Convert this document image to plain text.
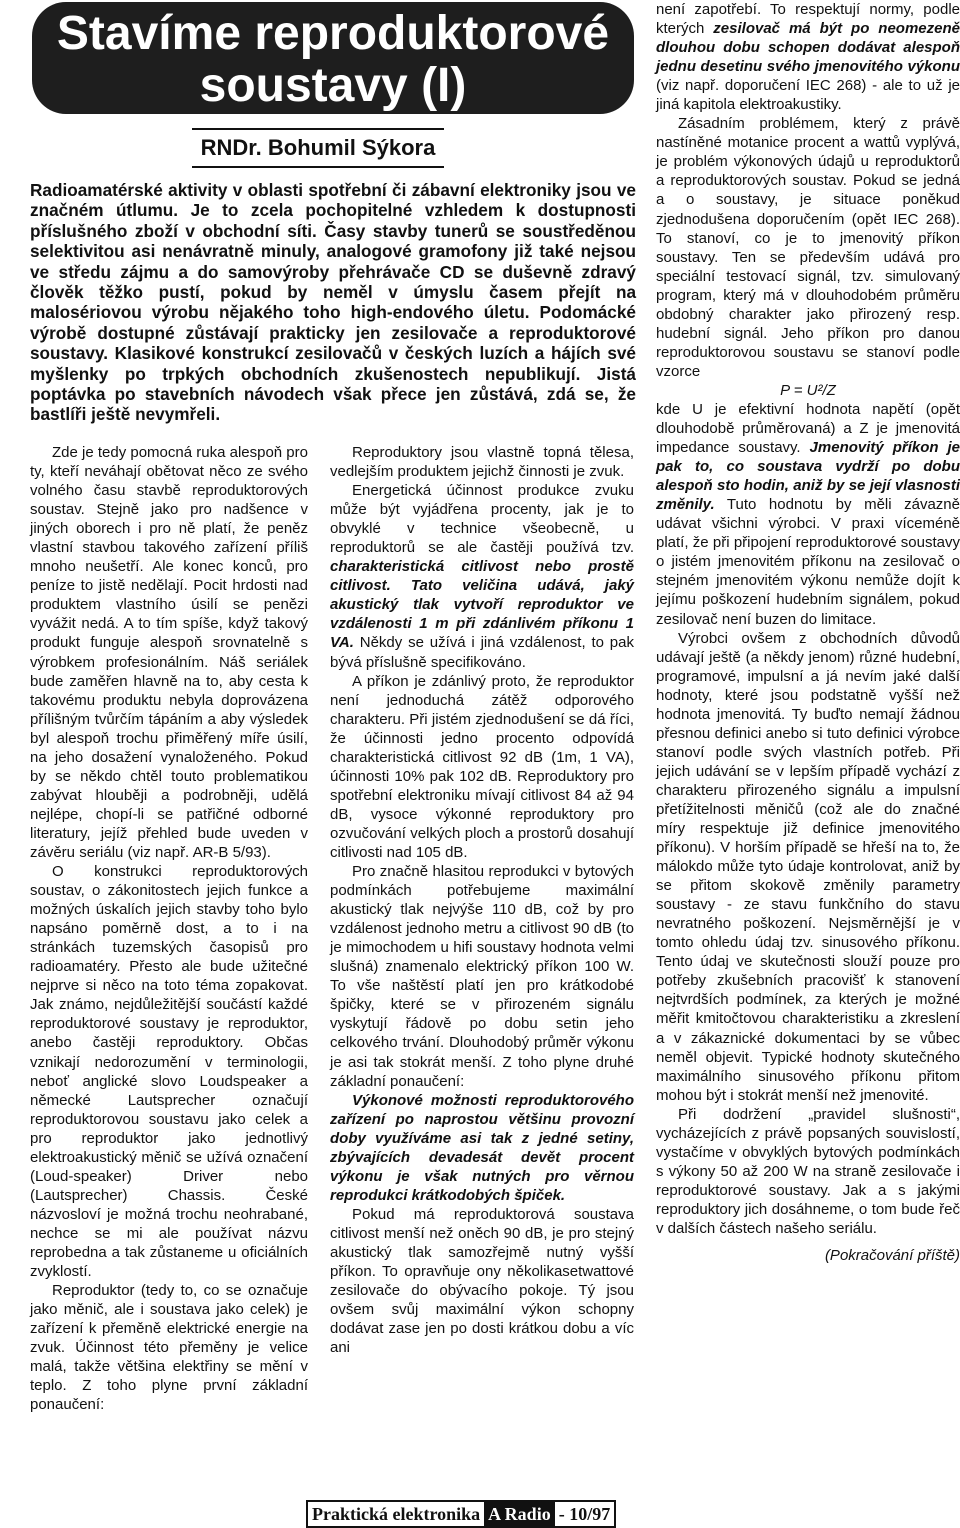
Stavíme reproduktorové
soustavy (I)
RNDr. Bohumil Sýkora
Radioamatérské aktivity v oblasti spotřební či zábavní elektroniky jsou ve značném útlumu. Je to zcela pochopitelné vzhledem k dostupnosti příslušného zboží v obchodní síti. Časy stavby tunerů se soustředěnou selektivitou asi nenávratně minuly, analogové gramofony již také nejsou ve středu zájmu a do samovýroby přehrávače CD se duševně zdravý člověk těžko pustí, pokud by neměl v úmyslu časem přejít na malosériovou výrobu nějakého toho high-endového úletu. Podomácké výrobě dostupné zůstávají prakticky jen zesilovače a reproduktorové soustavy. Klasikové konstrukcí zesilovačů v českých luzích a hájích své myšlenky po trpkých obchodních zkušenostech nepublikují. Jistá poptávka po stavebních návodech však přece jen zůstává, zdá se, že bastlíři ještě nevymřeli.

Zde je tedy pomocná ruka alespoň pro ty, kteří neváhají obětovat něco ze svého volného času stavbě reproduktorových soustav. Stejně jako pro nadšence v jiných oborech i pro ně platí, že peněz vlastní stavbou takového zařízení příliš mnoho neušetří. Ale konec konců, pro peníze to jistě nedělají. Pocit hrdosti nad produktem vlastního úsilí se penězi vyvážit nedá. A to tím spíše, když takový produkt funguje alespoň srovnatelně s výrobkem profesionálním. Náš seriálek bude zaměřen hlavně na to, aby cesta k takovému produktu nebyla doprovázena přílišným tvůrčím tápáním a aby výsledek byl alespoň trochu přiměřený míře úsilí, na jeho dosažení vynaloženého. Pokud by se někdo chtěl touto problematikou zabývat hlouběji a podrobněji, udělá nejlépe, chopí-li se patřičné odborné literatury, jejíž přehled bude uveden v závěru seriálu (viz např. AR-B 5/93).

O konstrukci reproduktorových soustav, o zákonitostech jejich funkce a možných úskalích jejich stavby toho bylo napsáno poměrně dost, a to i na stránkách tuzemských časopisů pro radioamatéry. Přesto ale bude užitečné nejprve si něco na toto téma zopakovat. Jak známo, nejdůležitější součástí každé reproduktorové soustavy je reproduktor, anebo častěji reproduktory. Občas vznikají nedorozumění v terminologii, neboť anglické slovo Loudspeaker a německé Lautsprecher označují reproduktorovou soustavu jako celek a pro reproduktor jako jednotlivý elektroakustický měnič se užívá označení (Loud-speaker) Driver nebo (Lautsprecher) Chassis. České názvosloví je možná trochu neohrabané, nechce se mi ale používat názvu reprobedna a tak zůstaneme u oficiálních zvyklostí.

Reproduktor (tedy to, co se označuje jako měnič, ale i soustava jako celek) je zařízení k přeměně elektrické energie na zvuk. Účinnost této přeměny je velice malá, takže většina elektřiny se mění v teplo. Z toho plyne první základní ponaučení:

Reproduktory jsou vlastně topná tělesa, vedlejším produktem jejichž činnosti je zvuk.

Energetická účinnost produkce zvuku může být vyjádřena procenty, jak je to obvyklé v technice všeobecně, u reproduktorů se ale častěji používá tzv. charakteristická citlivost nebo prostě citlivost. Tato veličina udává, jaký akustický tlak vytvoří reproduktor ve vzdálenosti 1 m při zdánlivém příkonu 1 VA. Někdy se užívá i jiná vzdálenost, to pak bývá příslušně specifikováno.

A příkon je zdánlivý proto, že reproduktor není jednoduchá zátěž odporového charakteru. Při jistém zjednodušení se dá říci, že účinnosti jedno procento odpovídá charakteristická citlivost 92 dB (1m, 1 VA), účinnosti 10% pak 102 dB. Reproduktory pro spotřební elektroniku mívají citlivost 84 až 94 dB, vysoce výkonné reproduktory pro ozvučování velkých ploch a prostorů dosahují citlivosti nad 105 dB.

Pro značně hlasitou reprodukci v bytových podmínkách potřebujeme maximální akustický tlak nejvýše 110 dB, což by pro vzdálenost jednoho metru a citlivost 90 dB (to je mimochodem u hifi soustavy hodnota velmi slušná) znamenalo elektrický příkon 100 W. To vše naštěstí platí jen pro krátkodobé špičky, které se v přirozeném signálu vyskytují řádově po dobu setin jeho celkového trvání. Dlouhodobý průměr výkonu je asi tak stokrát menší. Z toho plyne druhé základní ponaučení:

Výkonové možnosti reproduktorového zařízení po naprostou většinu provozní doby využíváme asi tak z jedné setiny, zbývajících devadesát devět procent výkonu je však nutných pro věrnou reprodukci krátkodobých špiček.

Pokud má reproduktorová soustava citlivost menší než oněch 90 dB, je pro stejný akustický tlak samozřejmě nutný vyšší příkon. To opravňuje ony několikasetwattové zesilovače do obývacího pokoje. Tý jsou ovšem svůj maximální výkon schopny dodávat zase jen po dosti krátkou dobu a víc ani

není zapotřebí. To respektují normy, podle kterých zesilovač má být po neomezeně dlouhou dobu schopen dodávat alespoň jednu desetinu svého jmenovitého výkonu (viz např. doporučení IEC 268) - ale to už je jiná kapitola elektroakustiky.

Zásadním problémem, který z právě nastíněné motanice procent a wattů vyplývá, je problém výkonových údajů u reproduktorů a reproduktorových soustav. Pokud se jedná a o soustavy, je situace poněkud zjednodušena doporučením (opět IEC 268). To stanoví, co je to jmenovitý příkon soustavy. Ten se především udává pro speciální testovací signál, tzv. simulovaný program, který má v dlouhodobém průměru obdobný charakter jako přirozený resp. hudební signál. Jeho příkon pro danou reproduktorovou soustavu se stanoví podle vzorce

P = U²/Z

kde U je efektivní hodnota napětí (opět dlouhodobě průměrovaná) a Z je jmenovitá impedance soustavy. Jmenovitý příkon je pak to, co soustava vydrží po dobu alespoň sto hodin, aniž by se její vlasnosti změnily. Tuto hodnotu by měli závazně udávat všichni výrobci. V praxi víceméně platí, že při připojení reproduktorové soustavy o jistém jmenovitém příkonu na zesilovač o stejném jmenovitém výkonu nemůže dojít k jejímu poškození hudebním signálem, pokud zesilovač není buzen do limitace.

Výrobci ovšem z obchodních důvodů udávají ještě (a někdy jenom) různé hudební, programové, impulsní a já nevím jaké další hodnoty, které jsou podstatně vyšší než hodnota jmenovitá. Ty buďto nemají žádnou přesnou definici anebo si tuto definici výrobce stanoví podle svých vlastních potřeb. Při jejich udávání se v lepším případě vychází z charakteru přirozeného signálu a impulsní přetížitelnosti měničů (což ale do značné míry respektuje již definice jmenovitého příkonu). V horším případě se hřeší na to, že málokdo může tyto údaje kontrolovat, aniž by se přitom skokově změnily parametry soustavy - ze stavu funkčního do stavu nevratného poškození. Nejsměrnější je v tomto ohledu údaj tzv. sinusového příkonu. Tento údaj ve skutečnosti slouží pouze pro potřeby zkušebních pracovišť k stanovení nejtvrdších podmínek, za kterých je možné měřit kmitočtovou charakteristiku a zkreslení a v zákaznické dokumentaci by se vůbec neměl objevit. Typické hodnoty skutečného maximálního sinusového příkonu přitom mohou být i stokrát menší než jmenovité.

Při dodržení „pravidel slušnosti“, vycházejících z právě popsaných souvislostí, vystačíme v obvyklých bytových podmínkách s výkony 50 až 200 W na straně zesilovače i reproduktorové soustavy. Jak a s jakými reproduktory jich dosáhneme, o tom bude řeč v dalších částech našeho seriálu.

(Pokračování příště)

Praktická elektronika A Radio - 10/97
